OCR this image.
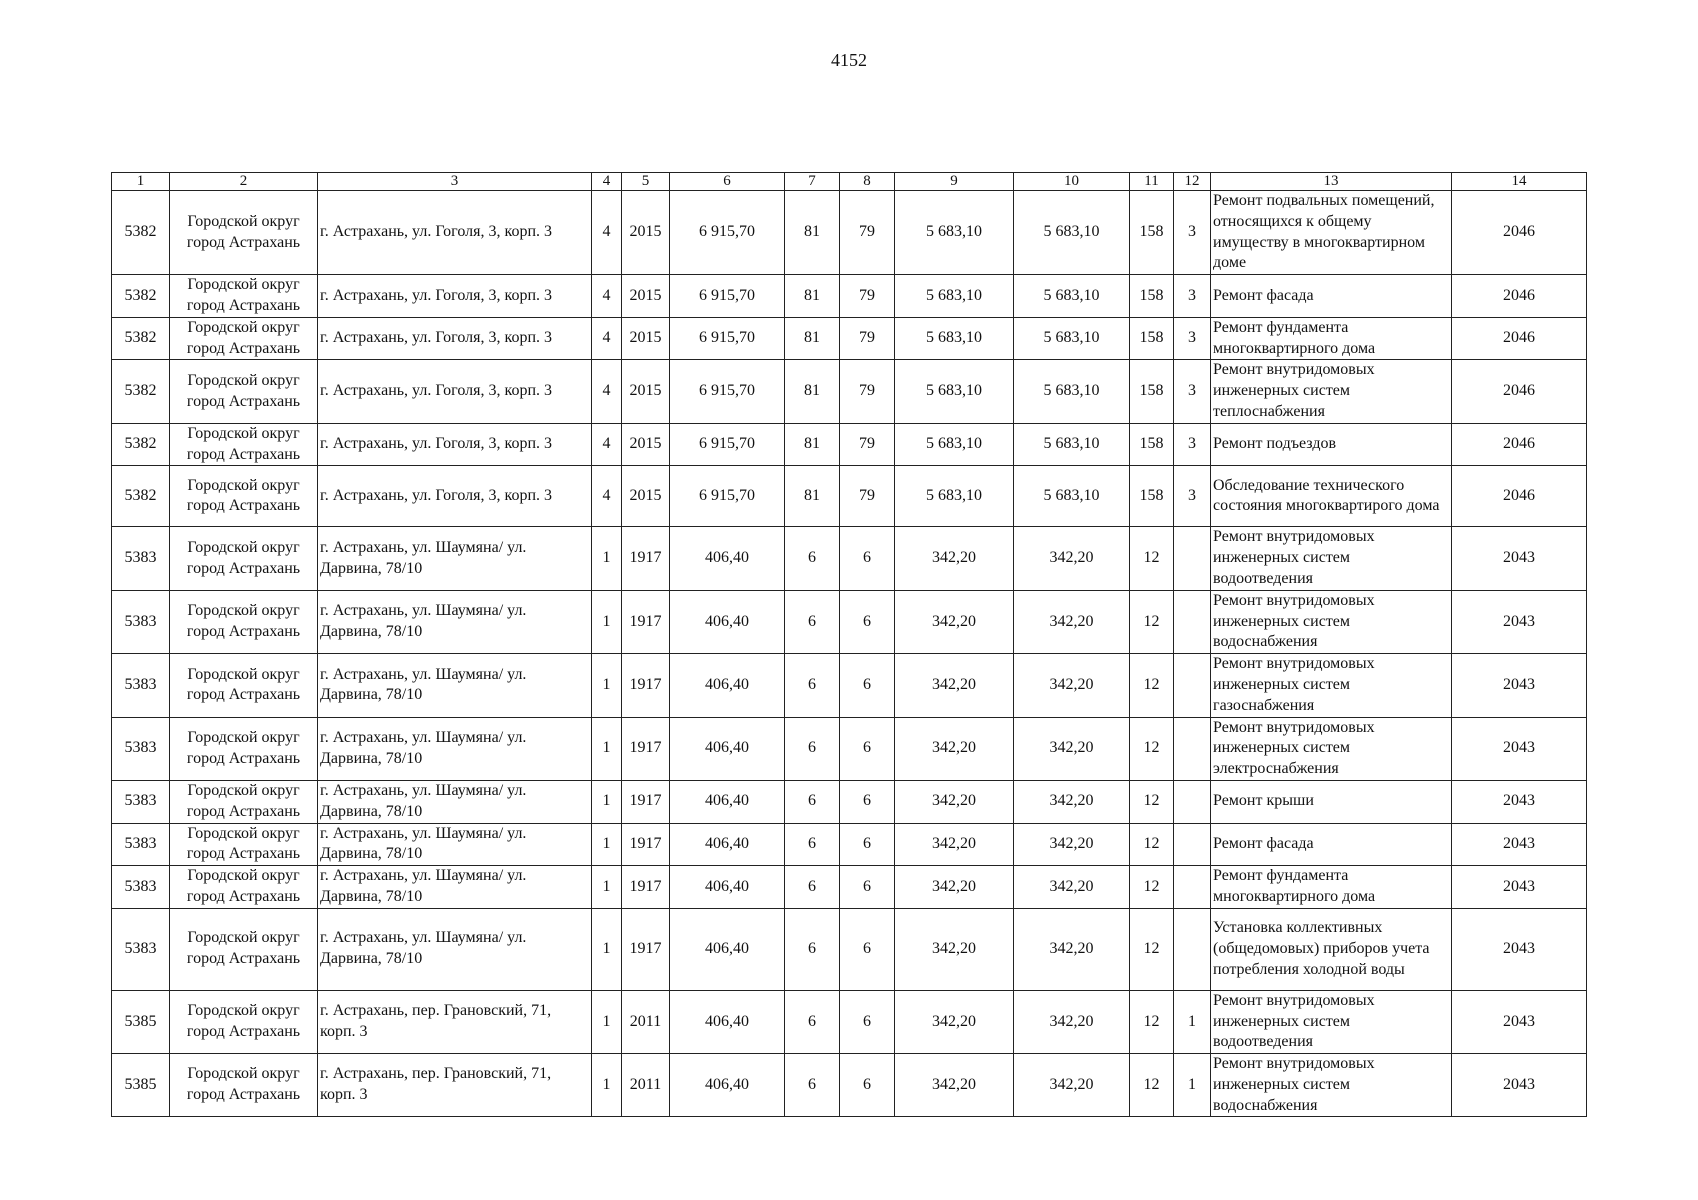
4152
1	2	3	4	5	6	7	8	9	10	11	12	13	14
5382	Городской округ город Астрахань	г. Астрахань, ул. Гоголя, 3, корп. 3	4	2015	6 915,70	81	79	5 683,10	5 683,10	158	3	Ремонт подвальных помещений, относящихся к общему имуществу в многоквартирном доме	2046
5382	Городской округ город Астрахань	г. Астрахань, ул. Гоголя, 3, корп. 3	4	2015	6 915,70	81	79	5 683,10	5 683,10	158	3	Ремонт фасада	2046
5382	Городской округ город Астрахань	г. Астрахань, ул. Гоголя, 3, корп. 3	4	2015	6 915,70	81	79	5 683,10	5 683,10	158	3	Ремонт фундамента многоквартирного дома	2046
5382	Городской округ город Астрахань	г. Астрахань, ул. Гоголя, 3, корп. 3	4	2015	6 915,70	81	79	5 683,10	5 683,10	158	3	Ремонт внутридомовых инженерных систем теплоснабжения	2046
5382	Городской округ город Астрахань	г. Астрахань, ул. Гоголя, 3, корп. 3	4	2015	6 915,70	81	79	5 683,10	5 683,10	158	3	Ремонт подъездов	2046
5382	Городской округ город Астрахань	г. Астрахань, ул. Гоголя, 3, корп. 3	4	2015	6 915,70	81	79	5 683,10	5 683,10	158	3	Обследование технического состояния многоквартирого дома	2046
5383	Городской округ город Астрахань	г. Астрахань, ул. Шаумяна/ ул. Дарвина, 78/10	1	1917	406,40	6	6	342,20	342,20	12		Ремонт внутридомовых инженерных систем водоотведения	2043
5383	Городской округ город Астрахань	г. Астрахань, ул. Шаумяна/ ул. Дарвина, 78/10	1	1917	406,40	6	6	342,20	342,20	12		Ремонт внутридомовых инженерных систем водоснабжения	2043
5383	Городской округ город Астрахань	г. Астрахань, ул. Шаумяна/ ул. Дарвина, 78/10	1	1917	406,40	6	6	342,20	342,20	12		Ремонт внутридомовых инженерных систем газоснабжения	2043
5383	Городской округ город Астрахань	г. Астрахань, ул. Шаумяна/ ул. Дарвина, 78/10	1	1917	406,40	6	6	342,20	342,20	12		Ремонт внутридомовых инженерных систем электроснабжения	2043
5383	Городской округ город Астрахань	г. Астрахань, ул. Шаумяна/ ул. Дарвина, 78/10	1	1917	406,40	6	6	342,20	342,20	12		Ремонт крыши	2043
5383	Городской округ город Астрахань	г. Астрахань, ул. Шаумяна/ ул. Дарвина, 78/10	1	1917	406,40	6	6	342,20	342,20	12		Ремонт фасада	2043
5383	Городской округ город Астрахань	г. Астрахань, ул. Шаумяна/ ул. Дарвина, 78/10	1	1917	406,40	6	6	342,20	342,20	12		Ремонт фундамента многоквартирного дома	2043
5383	Городской округ город Астрахань	г. Астрахань, ул. Шаумяна/ ул. Дарвина, 78/10	1	1917	406,40	6	6	342,20	342,20	12		Установка коллективных (общедомовых) приборов учета потребления холодной воды	2043
5385	Городской округ город Астрахань	г. Астрахань, пер. Грановский, 71, корп. 3	1	2011	406,40	6	6	342,20	342,20	12	1	Ремонт внутридомовых инженерных систем водоотведения	2043
5385	Городской округ город Астрахань	г. Астрахань, пер. Грановский, 71, корп. 3	1	2011	406,40	6	6	342,20	342,20	12	1	Ремонт внутридомовых инженерных систем водоснабжения	2043
